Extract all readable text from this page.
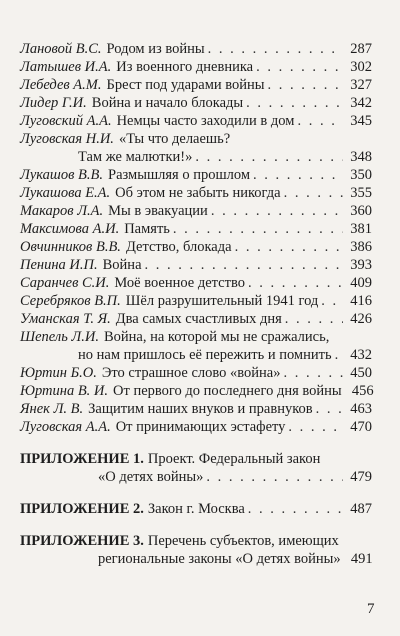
Лановой В.С. Родом из войны . . .	287
Латышев И.А. Из военного дневника . . .	302
Лебедев А.М. Брест под ударами войны . . .	327
Лидер Г.И. Война и начало блокады . . .	342
Луговский А.А. Немцы часто заходили в дом . . .	345
Луговская Н.И. «Ты что делаешь?
Там же малютки!» . . .	348
Лукашов В.В. Размышляя о прошлом . . .	350
Лукашова Е.А. Об этом не забыть никогда . . .	355
Макаров Л.А. Мы в эвакуации . . .	360
Максимова А.И. Память . . .	381
Овчинников В.В. Детство, блокада . . .	386
Пенина И.П. Война . . .	393
Саранчев С.И. Моё военное детство . . .	409
Серебряков В.П. Шёл разрушительный 1941 год . . . 416
Уманская Т. Я. Два самых счастливых дня . . .	426
Шепель Л.И. Война, на которой мы не сражались,
но нам пришлось её пережить и помнить . . . 432
Юртин Б.О. Это страшное слово «война» . . .	450
Юртина В. И. От первого до последнего дня войны 456
Янек Л. В. Защитим наших внуков и правнуков . . .	463
Луговская А.А. От принимающих эстафету . . .	470
ПРИЛОЖЕНИЕ 1. Проект. Федеральный закон
«О детях войны» . . .	479
ПРИЛОЖЕНИЕ 2. Закон г. Москва . . .	487
ПРИЛОЖЕНИЕ 3. Перечень субъектов, имеющих
региональные законы «О детях войны» 491
7
